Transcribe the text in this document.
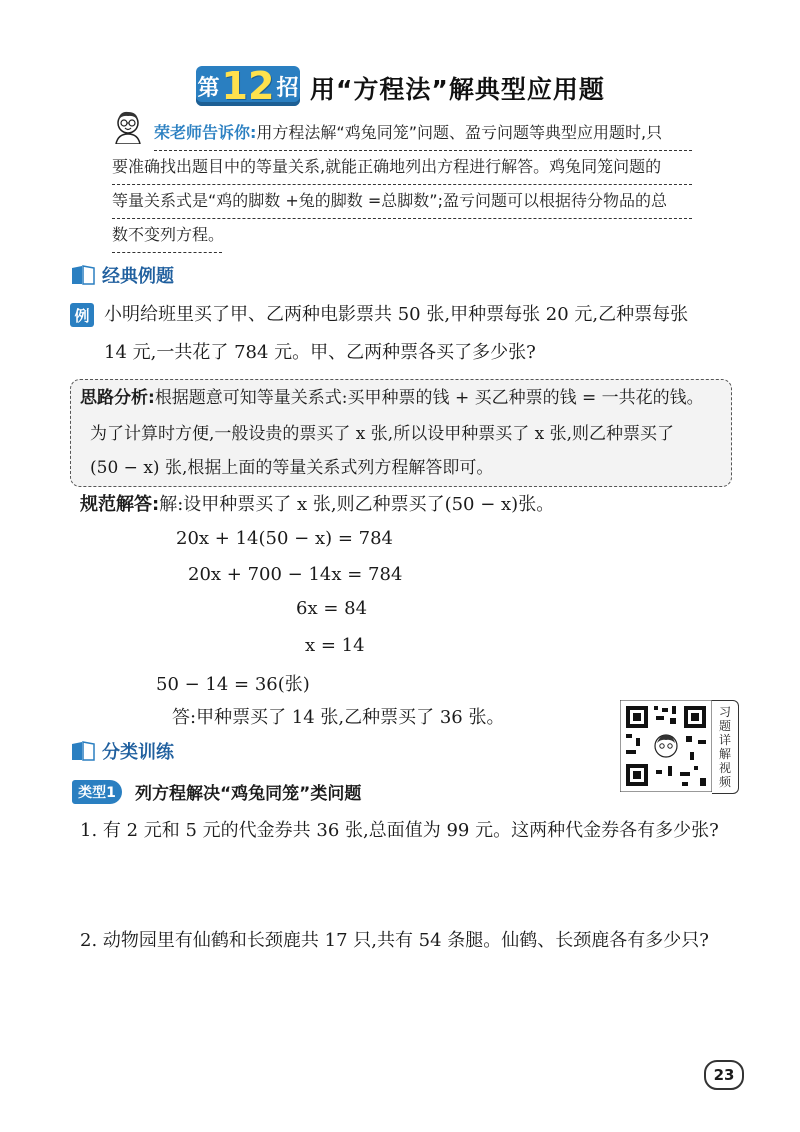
第 12 招 用“方程法”解典型应用题
荣老师告诉你:用方程法解“鸡兔同笼”问题、盈亏问题等典型应用题时,只
要准确找出题目中的等量关系,就能正确地列出方程进行解答。鸡兔同笼问题的
等量关系式是“鸡的脚数 +兔的脚数 =总脚数”;盈亏问题可以根据待分物品的总
数不变列方程。
经典例题
例 小明给班里买了甲、乙两种电影票共 50 张,甲种票每张 20 元,乙种票每张
14 元,一共花了 784 元。甲、乙两种票各买了多少张?
思路分析:根据题意可知等量关系式:买甲种票的钱 + 买乙种票的钱 = 一共花的钱。
为了计算时方便,一般设贵的票买了 x 张,所以设甲种票买了 x 张,则乙种票买了
(50 − x) 张,根据上面的等量关系式列方程解答即可。
规范解答:解:设甲种票买了 x 张,则乙种票买了(50 − x)张。
20x + 14(50 − x) = 784
20x + 700 − 14x = 784
6x = 84
x = 14
50 − 14 = 36(张)
答:甲种票买了 14 张,乙种票买了 36 张。	习
题
详
解
视
频
分类训练
类型1	列方程解决“鸡兔同笼”类问题
1. 有 2 元和 5 元的代金券共 36 张,总面值为 99 元。这两种代金券各有多少张?
2. 动物园里有仙鹤和长颈鹿共 17 只,共有 54 条腿。仙鹤、长颈鹿各有多少只?
23
